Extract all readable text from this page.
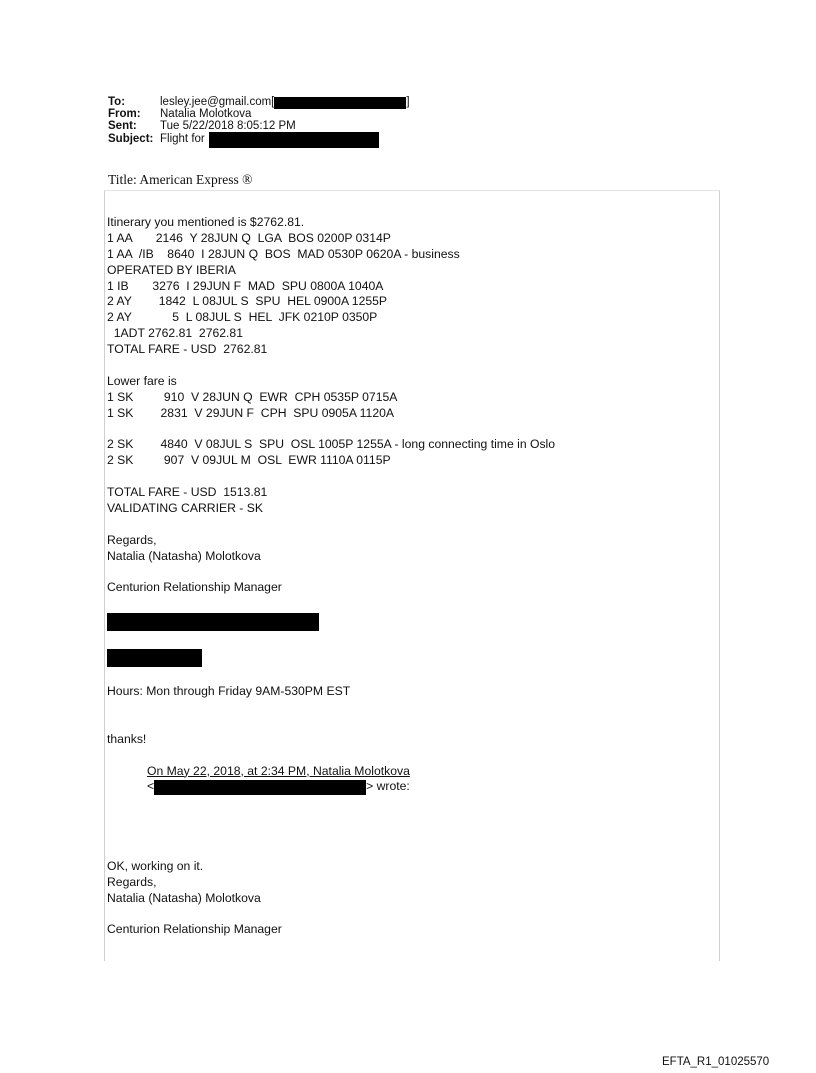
To:	lesley.jee@gmail.com[	]
From:	Natalia Molotkova
Sent:	Tue 5/22/2018 8:05:12 PM
Subject: Flight for
Title: American Express ®
Itinerary you mentioned is $2762.81.
1 AA       2146  Y 28JUN Q  LGA  BOS 0200P 0314P
1 AA  /IB    8640  I 28JUN Q  BOS  MAD 0530P 0620A - business
OPERATED BY IBERIA
1 IB       3276  I 29JUN F  MAD  SPU 0800A 1040A
2 AY        1842  L 08JUL S  SPU  HEL 0900A 1255P
2 AY            5  L 08JUL S  HEL  JFK 0210P 0350P
1ADT 2762.81  2762.81
TOTAL FARE - USD  2762.81
Lower fare is
1 SK         910  V 28JUN Q  EWR  CPH 0535P 0715A
1 SK        2831  V 29JUN F  CPH  SPU 0905A 1120A
2 SK        4840  V 08JUL S  SPU  OSL 1005P 1255A - long connecting time in Oslo
2 SK         907  V 09JUL M  OSL  EWR 1110A 0115P
TOTAL FARE - USD  1513.81
VALIDATING CARRIER - SK
Regards,
Natalia (Natasha) Molotkova
Centurion Relationship Manager
Hours: Mon through Friday 9AM-530PM EST
thanks!
On May 22, 2018, at 2:34 PM, Natalia Molotkova
<	> wrote:
OK, working on it.
Regards,
Natalia (Natasha) Molotkova
Centurion Relationship Manager
EFTA_R1_01025570
